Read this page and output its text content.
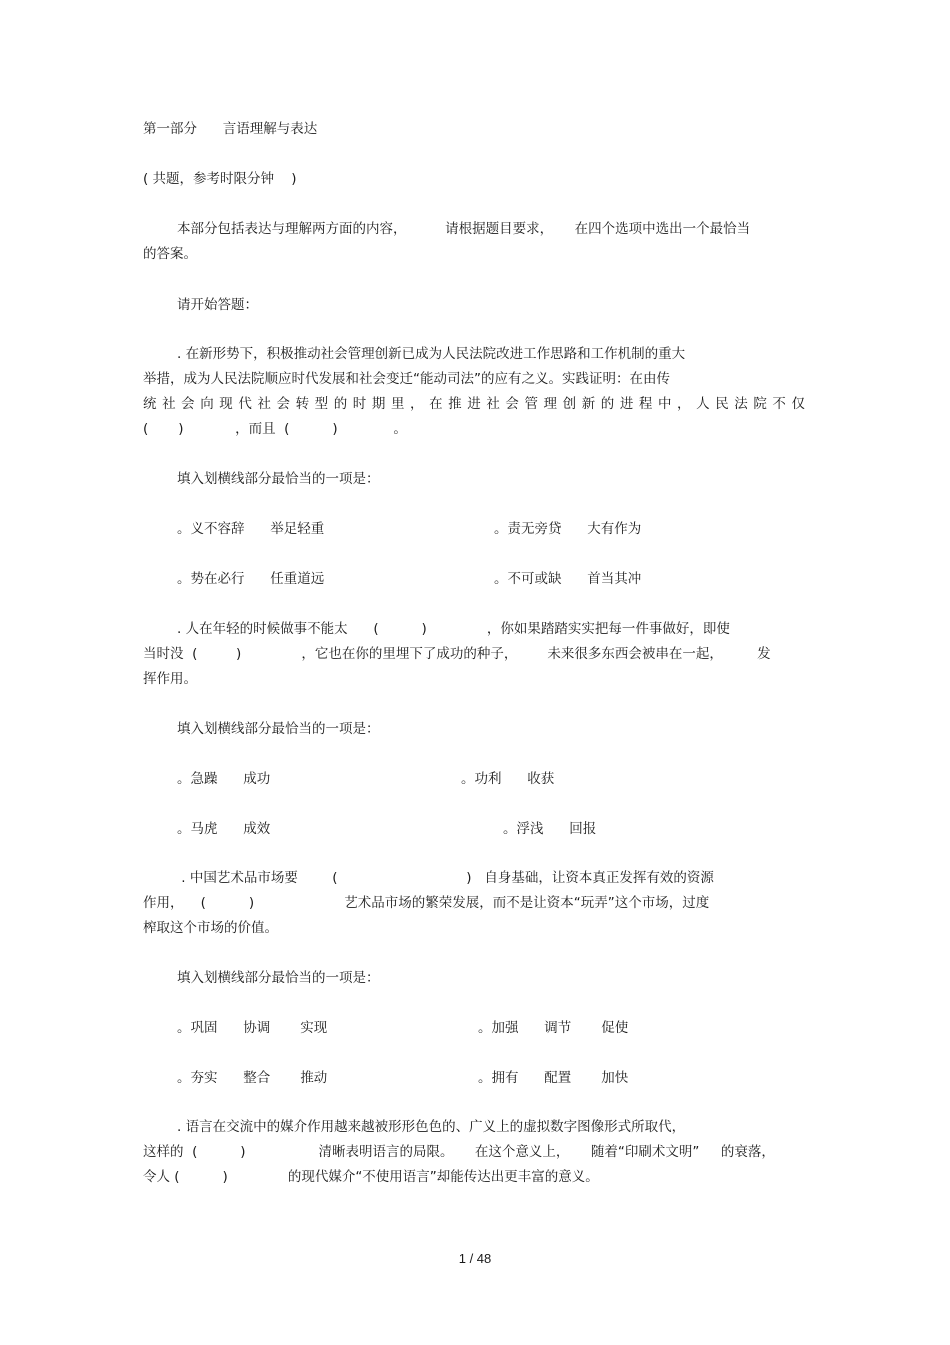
第一部分      言语理解与表达
( 共题，参考时限分钟    )
本部分包括表达与理解两方面的内容，         请根据题目要求，     在四个选项中选出一个最恰当
的答案。
请开始答题：
. 在新形势下，积极推动社会管理创新已成为人民法院改进工作思路和工作机制的重大
举措，成为人民法院顺应时代发展和社会变迁“能动司法”的应有之义。实践证明：在由传
统 社 会 向 现 代 社 会 转 型 的 时 期 里 ， 在 推 进 社 会 管 理 创 新 的 进 程 中 ， 人 民 法 院 不 仅
(       )            ，而且  (          )             。
填入划横线部分最恰当的一项是：
。义不容辞      举足轻重	。责无旁贷      大有作为
。势在必行      任重道远	。不可或缺      首当其冲
. 人在年轻的时候做事不能太      (          )              ，你如果踏踏实实把每一件事做好，即使
当时没  (         )              ，它也在你的里埋下了成功的种子，       未来很多东西会被串在一起，        发
挥作用。
填入划横线部分最恰当的一项是：
。急躁      成功	。功利      收获
。马虎      成效	。浮浅      回报
. 中国艺术品市场要        (                              )   自身基础，让资本真正发挥有效的资源
作用，    (          )                     艺术品市场的繁荣发展，而不是让资本“玩弄”这个市场，过度
榨取这个市场的价值。
填入划横线部分最恰当的一项是：
。巩固      协调       实现	。加强      调节       促使
。夯实      整合       推动	。拥有      配置       加快
. 语言在交流中的媒介作用越来越被形形色色的、广义上的虚拟数字图像形式所取代，
这样的  (          )                 清晰表明语言的局限。     在这个意义上，     随着“印刷术文明”     的衰落，
令人 (          )              的现代媒介“不使用语言”却能传达出更丰富的意义。
1 / 48
